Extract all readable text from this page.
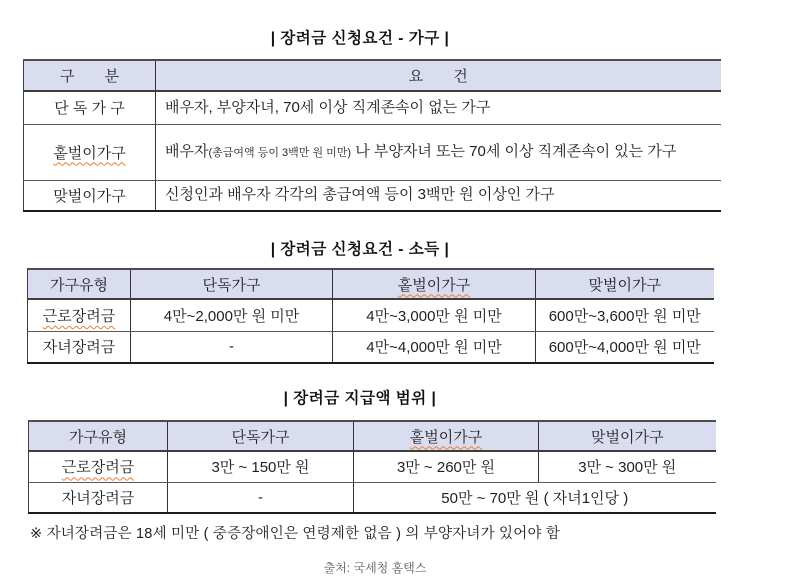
| 장려금 신청요건 - 가구 |
구　　분	요　　건
단 독 가 구	배우자, 부양자녀, 70세 이상 직계존속이 없는 가구
홑벌이가구	배우자(총급여액 등이 3백만 원 미만) 나 부양자녀 또는 70세 이상 직계존속이 있는 가구
맞벌이가구	신청인과 배우자 각각의 총급여액 등이 3백만 원 이상인 가구
| 장려금 신청요건 - 소득 |
가구유형	단독가구	홑벌이가구	맞벌이가구
근로장려금	4만~2,000만 원 미만	4만~3,000만 원 미만	600만~3,600만 원 미만
자녀장려금	-	4만~4,000만 원 미만	600만~4,000만 원 미만
| 장려금 지급액 범위 |
가구유형	단독가구	홑벌이가구	맞벌이가구
근로장려금	3만 ~ 150만 원	3만 ~ 260만 원	3만 ~ 300만 원
자녀장려금	-	50만 ~ 70만 원 ( 자녀1인당 )	
※ 자녀장려금은 18세 미만 ( 중증장애인은 연령제한 없음 ) 의 부양자녀가 있어야 함
출처: 국세청 홈택스
